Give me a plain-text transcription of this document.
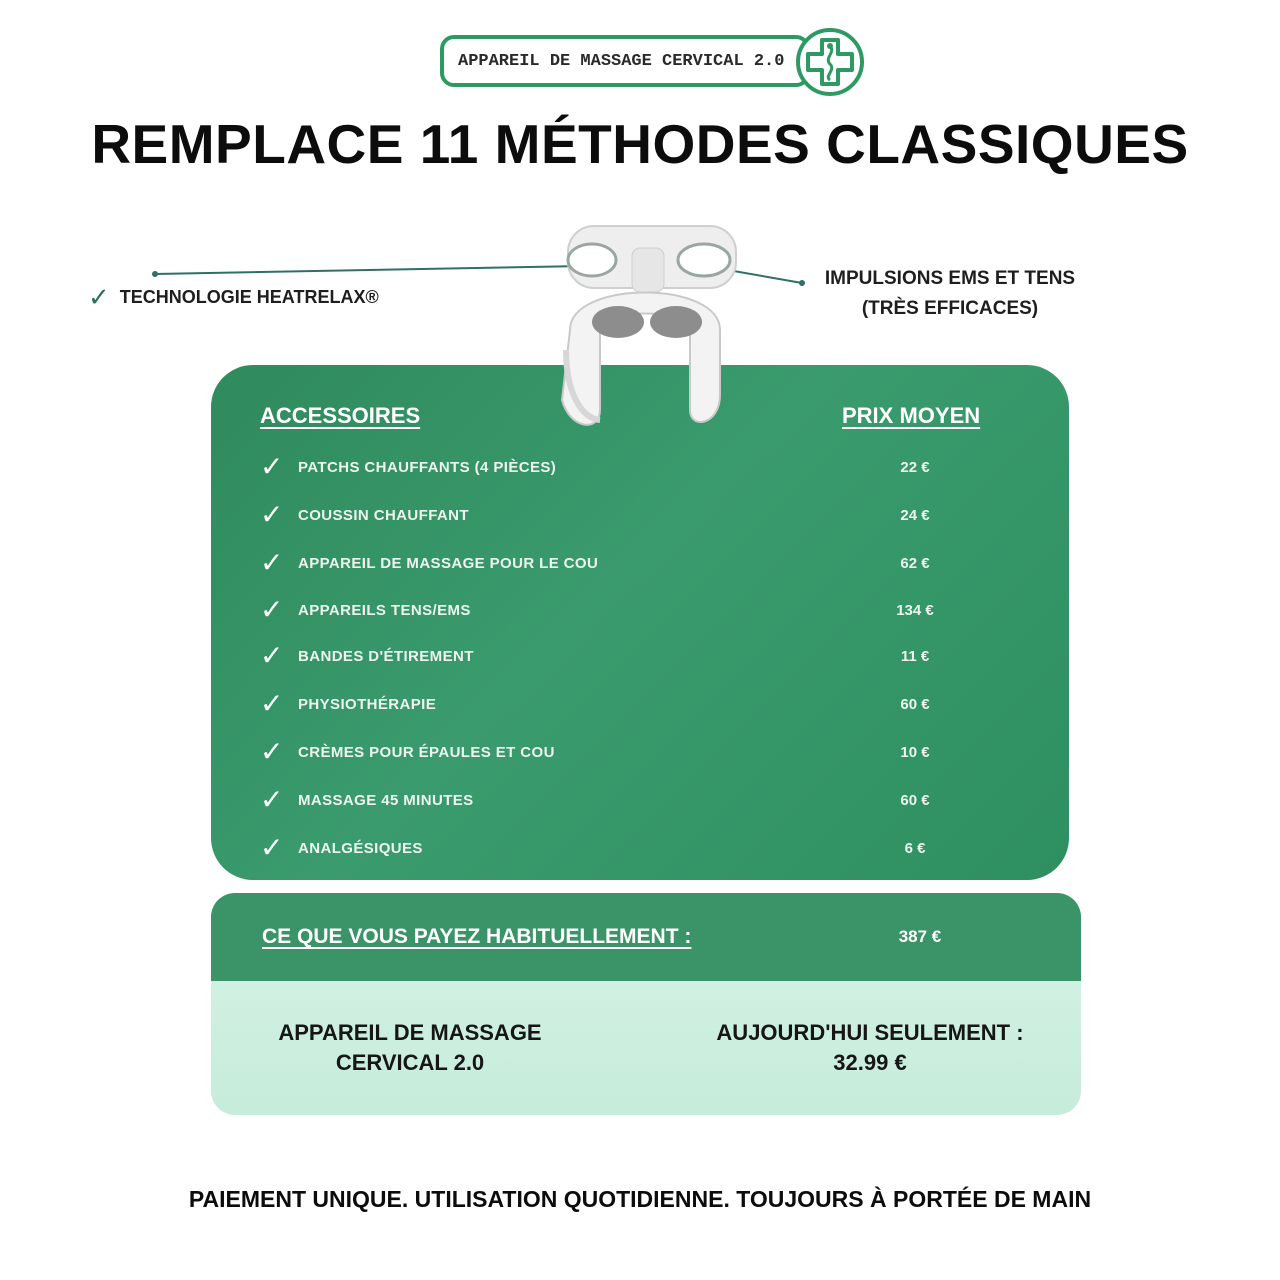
APPAREIL DE MASSAGE CERVICAL 2.0
REMPLACE 11 MÉTHODES CLASSIQUES
✓ TECHNOLOGIE HEATRELAX®
IMPULSIONS EMS ET TENS
(TRÈS EFFICACES)
ACCESSOIRES	PRIX MOYEN
✓ PATCHS CHAUFFANTS (4 PIÈCES)	22 €
✓ COUSSIN CHAUFFANT	24 €
✓ APPAREIL DE MASSAGE POUR LE COU	62 €
✓ APPAREILS TENS/EMS	134 €
✓ BANDES D'ÉTIREMENT	11 €
✓ PHYSIOTHÉRAPIE	60 €
✓ CRÈMES POUR ÉPAULES ET COU	10 €
✓ MASSAGE 45 MINUTES	60 €
✓ ANALGÉSIQUES	6 €
CE QUE VOUS PAYEZ HABITUELLEMENT :	387 €
APPAREIL DE MASSAGE
CERVICAL 2.0
AUJOURD'HUI SEULEMENT :
32.99 €
PAIEMENT UNIQUE. UTILISATION QUOTIDIENNE. TOUJOURS À PORTÉE DE MAIN
